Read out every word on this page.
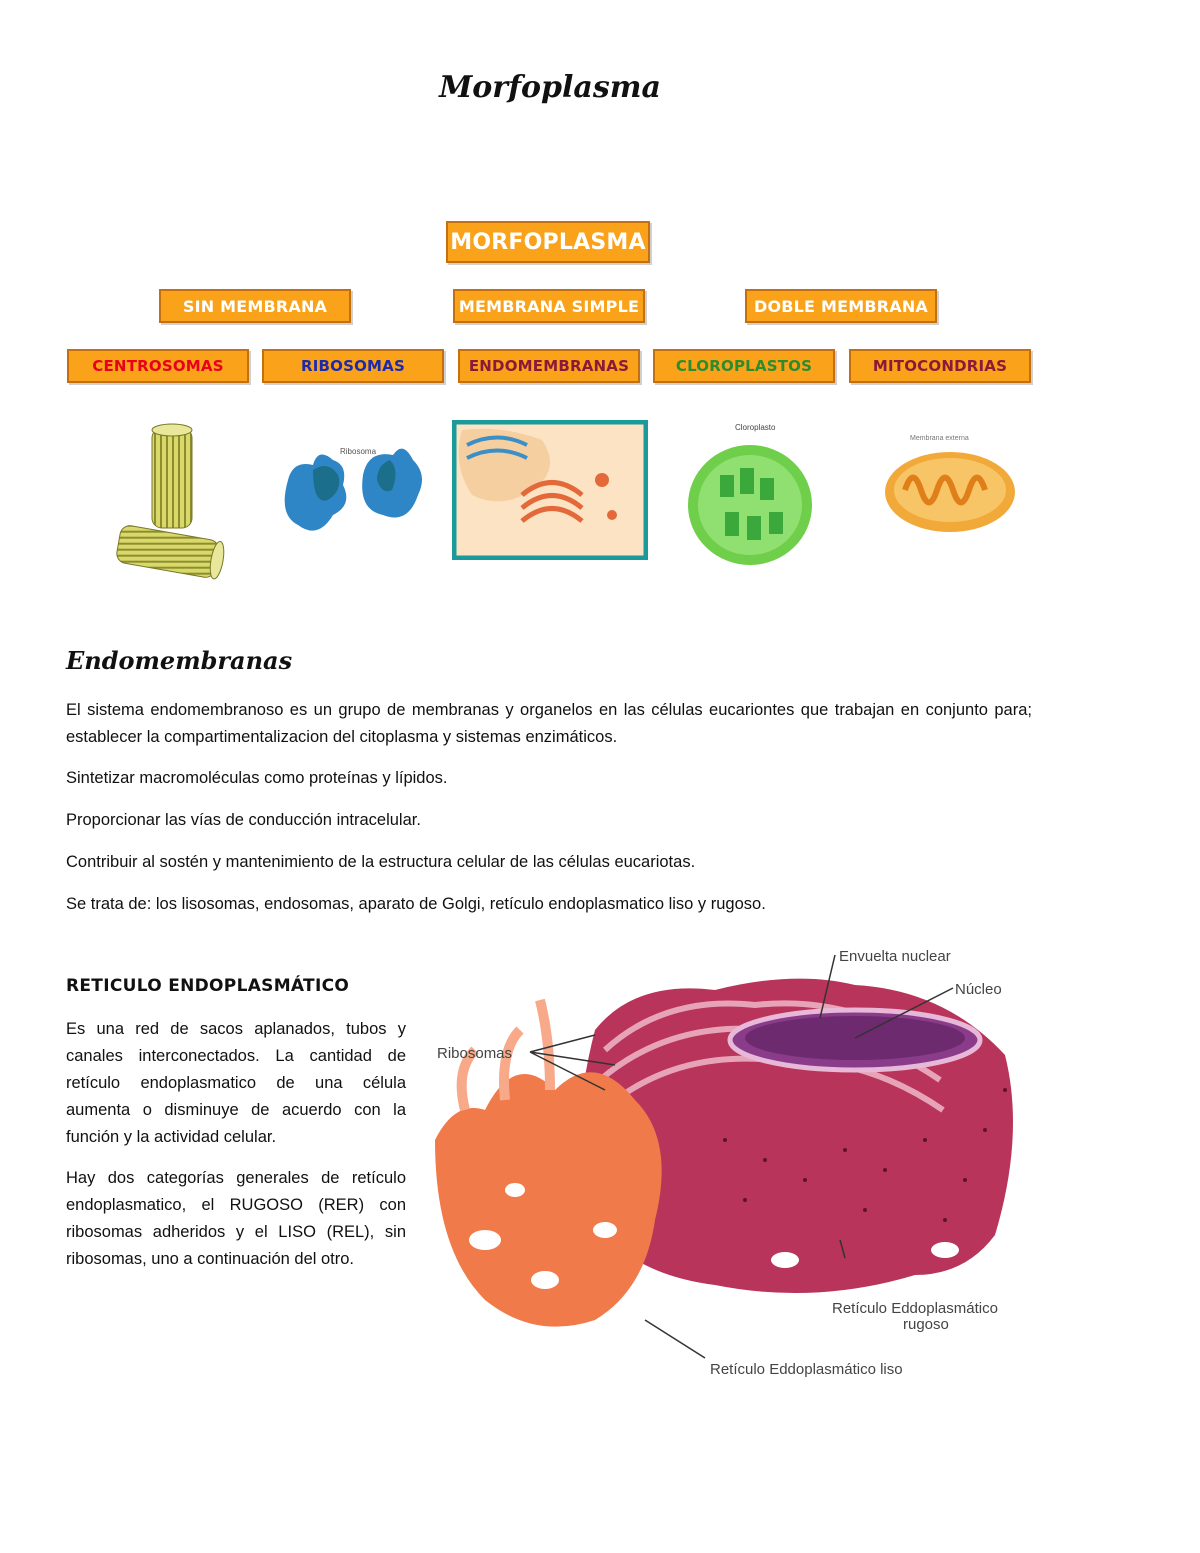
Morfoplasma
MORFOPLASMA
SIN MEMBRANA	MEMBRANA SIMPLE	DOBLE MEMBRANA
CENTROSOMAS	RIBOSOMAS	ENDOMEMBRANAS	CLOROPLASTOS	MITOCONDRIAS
Ribosoma
Cloroplasto
Membrana externa
Endomembranas

El sistema endomembranoso es un grupo de membranas y organelos en las células eucariontes que trabajan en conjunto para; establecer la compartimentalizacion del citoplasma y sistemas enzimáticos.

Sintetizar macromoléculas como proteínas y lípidos.

Proporcionar las vías de conducción intracelular.

Contribuir al sostén y mantenimiento de la estructura celular de las células eucariotas.

Se trata de: los lisosomas, endosomas, aparato de Golgi, retículo endoplasmatico liso y rugoso.

RETICULO ENDOPLASMÁTICO

Es una red de sacos aplanados, tubos y canales interconectados. La cantidad de retículo endoplasmatico de una célula aumenta o disminuye de acuerdo con la función y la actividad celular.

Hay dos categorías generales de retículo endoplasmatico, el RUGOSO (RER) con ribosomas adheridos y el LISO (REL), sin ribosomas, uno a continuación del otro.

Envuelta nuclear
Núcleo
Ribosomas
Retículo Eddoplasmático
rugoso
Retículo Eddoplasmático liso
